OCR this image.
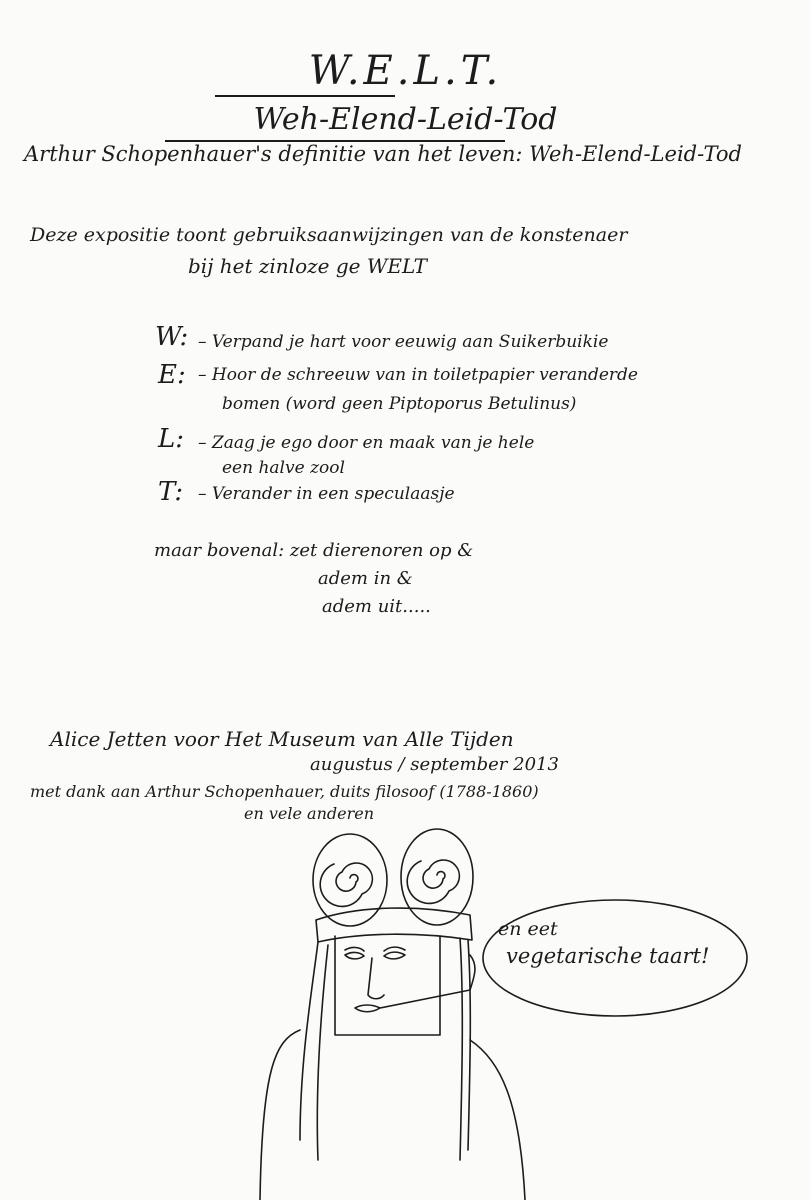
W.E.L.T.
Weh-Elend-Leid-Tod

Arthur Schopenhauer's definitie van het leven: Weh-Elend-Leid-Tod

Deze expositie toont gebruiksaanwijzingen van de konstenaer

bij het zinloze ge WELT

W: – Verpand je hart voor eeuwig aan Suikerbuikie
E: – Hoor de schreeuw van in toiletpapier veranderde
bomen (word geen Piptoporus Betulinus)
L: – Zaag je ego door en maak van je hele
een halve zool
T: – Verander in een speculaasje

maar bovenal: zet dierenoren op &

adem in &

adem uit.....

Alice Jetten voor Het Museum van Alle Tijden

augustus / september 2013

met dank aan Arthur Schopenhauer, duits filosoof (1788-1860)

en vele anderen

en eet

vegetarische taart!
